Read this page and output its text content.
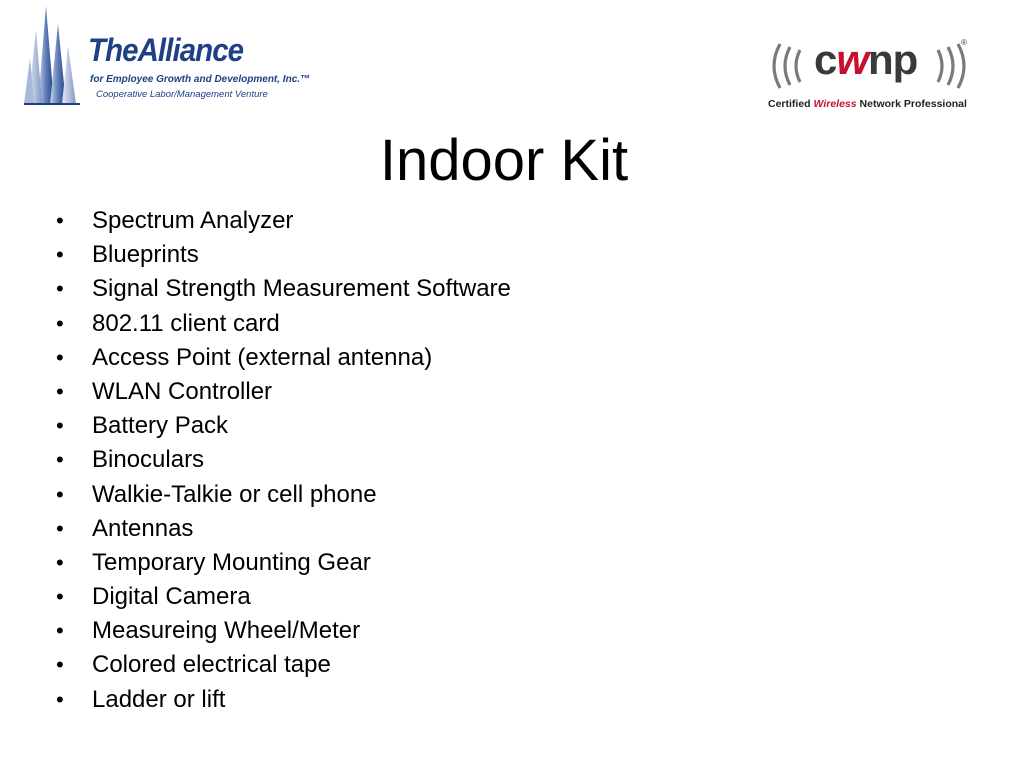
TheAlliance
for Employee Growth and Development, Inc.™
Cooperative Labor/Management Venture
cwnp	®
Certified Wireless Network Professional
Indoor Kit
•	Spectrum Analyzer
•	Blueprints
•	Signal Strength Measurement Software
•	802.11 client card
•	Access Point (external antenna)
•	WLAN Controller
•	Battery Pack
•	Binoculars
•	Walkie-Talkie or cell phone
•	Antennas
•	Temporary Mounting Gear
•	Digital Camera
•	Measureing Wheel/Meter
•	Colored electrical tape
•	Ladder or lift
